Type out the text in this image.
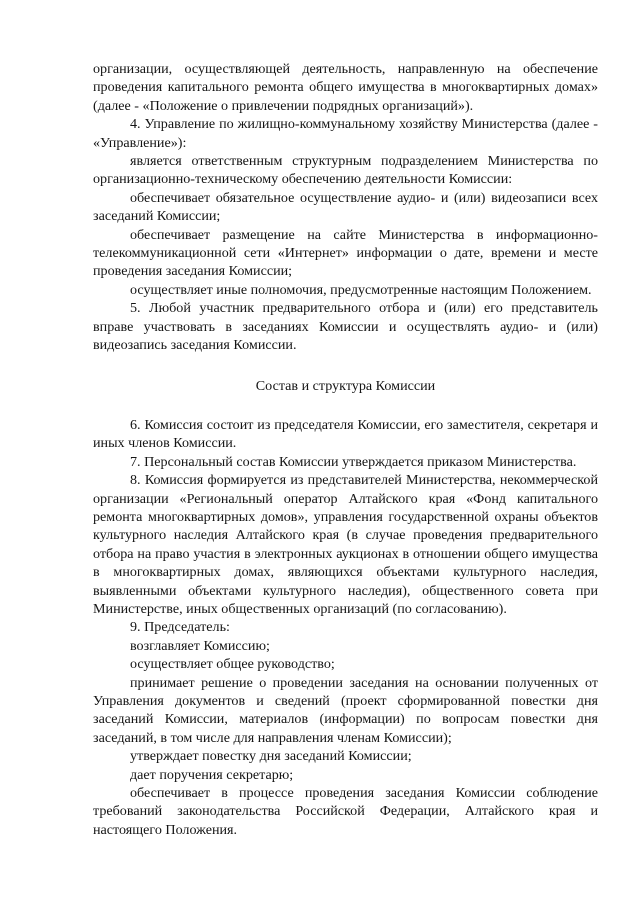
организации, осуществляющей деятельность, направленную на обеспечение проведения капитального ремонта общего имущества в многоквартирных домах» (далее - «Положение о привлечении подрядных организаций»).

4. Управление по жилищно-коммунальному хозяйству Министерства (далее - «Управление»):

является ответственным структурным подразделением Министерства по организационно-техническому обеспечению деятельности Комиссии:

обеспечивает обязательное осуществление аудио- и (или) видеозаписи всех заседаний Комиссии;

обеспечивает размещение на сайте Министерства в информационно-телекоммуникационной сети «Интернет» информации о дате, времени и месте проведения заседания Комиссии;

осуществляет иные полномочия, предусмотренные настоящим Положением.

5. Любой участник предварительного отбора и (или) его представитель вправе участвовать в заседаниях Комиссии и осуществлять аудио- и (или) видеозапись заседания Комиссии.

Состав и структура Комиссии

6. Комиссия состоит из председателя Комиссии, его заместителя, секретаря и иных членов Комиссии.

7. Персональный состав Комиссии утверждается приказом Министерства.

8. Комиссия формируется из представителей Министерства, некоммерческой организации «Региональный оператор Алтайского края «Фонд капитального ремонта многоквартирных домов», управления государственной охраны объектов культурного наследия Алтайского края (в случае проведения предварительного отбора на право участия в электронных аукционах в отношении общего имущества в многоквартирных домах, являющихся объектами культурного наследия, выявленными объектами культурного наследия), общественного совета при Министерстве, иных общественных организаций (по согласованию).

9. Председатель:

возглавляет Комиссию;

осуществляет общее руководство;

принимает решение о проведении заседания на основании полученных от Управления документов и сведений (проект сформированной повестки дня заседаний Комиссии, материалов (информации) по вопросам повестки дня заседаний, в том числе для направления членам Комиссии);

утверждает повестку дня заседаний Комиссии;

дает поручения секретарю;

обеспечивает в процессе проведения заседания Комиссии соблюдение требований законодательства Российской Федерации, Алтайского края и настоящего Положения.
